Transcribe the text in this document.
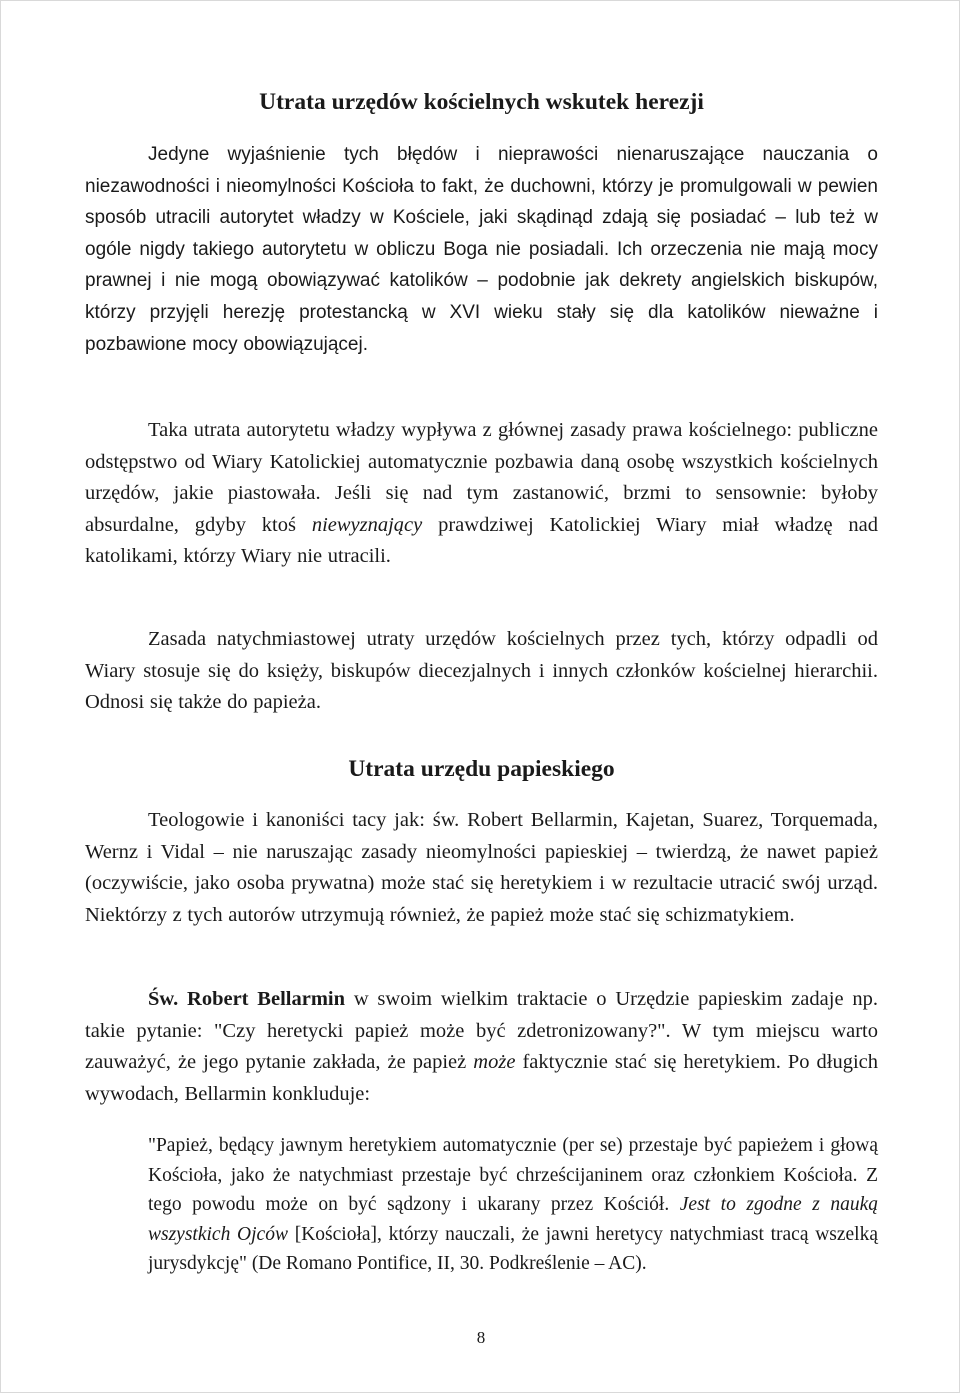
Utrata urzędów kościelnych wskutek herezji

Jedyne wyjaśnienie tych błędów i nieprawości nienaruszające nauczania o niezawodności i nieomylności Kościoła to fakt, że duchowni, którzy je promulgowali w pewien sposób utracili autorytet władzy w Kościele, jaki skądinąd zdają się posiadać – lub też w ogóle nigdy takiego autorytetu w obliczu Boga nie posiadali. Ich orzeczenia nie mają mocy prawnej i nie mogą obowiązywać katolików – podobnie jak dekrety angielskich biskupów, którzy przyjęli herezję protestancką w XVI wieku stały się dla katolików nieważne i pozbawione mocy obowiązującej.

Taka utrata autorytetu władzy wypływa z głównej zasady prawa kościelnego: publiczne odstępstwo od Wiary Katolickiej automatycznie pozbawia daną osobę wszystkich kościelnych urzędów, jakie piastowała. Jeśli się nad tym zastanowić, brzmi to sensownie: byłoby absurdalne, gdyby ktoś niewyznający prawdziwej Katolickiej Wiary miał władzę nad katolikami, którzy Wiary nie utracili.

Zasada natychmiastowej utraty urzędów kościelnych przez tych, którzy odpadli od Wiary stosuje się do księży, biskupów diecezjalnych i innych członków kościelnej hierarchii. Odnosi się także do papieża.

Utrata urzędu papieskiego

Teologowie i kanoniści tacy jak: św. Robert Bellarmin, Kajetan, Suarez, Torquemada, Wernz i Vidal – nie naruszając zasady nieomylności papieskiej – twierdzą, że nawet papież (oczywiście, jako osoba prywatna) może stać się heretykiem i w rezultacie utracić swój urząd. Niektórzy z tych autorów utrzymują również, że papież może stać się schizmatykiem.

Św. Robert Bellarmin w swoim wielkim traktacie o Urzędzie papieskim zadaje np. takie pytanie: "Czy heretycki papież może być zdetronizowany?". W tym miejscu warto zauważyć, że jego pytanie zakłada, że papież może faktycznie stać się heretykiem. Po długich wywodach, Bellarmin konkluduje:

"Papież, będący jawnym heretykiem automatycznie (per se) przestaje być papieżem i głową Kościoła, jako że natychmiast przestaje być chrześcijaninem oraz członkiem Kościoła. Z tego powodu może on być sądzony i ukarany przez Kościół. Jest to zgodne z nauką wszystkich Ojców [Kościoła], którzy nauczali, że jawni heretycy natychmiast tracą wszelką jurysdykcję" (De Romano Pontifice, II, 30. Podkreślenie – AC).

8
